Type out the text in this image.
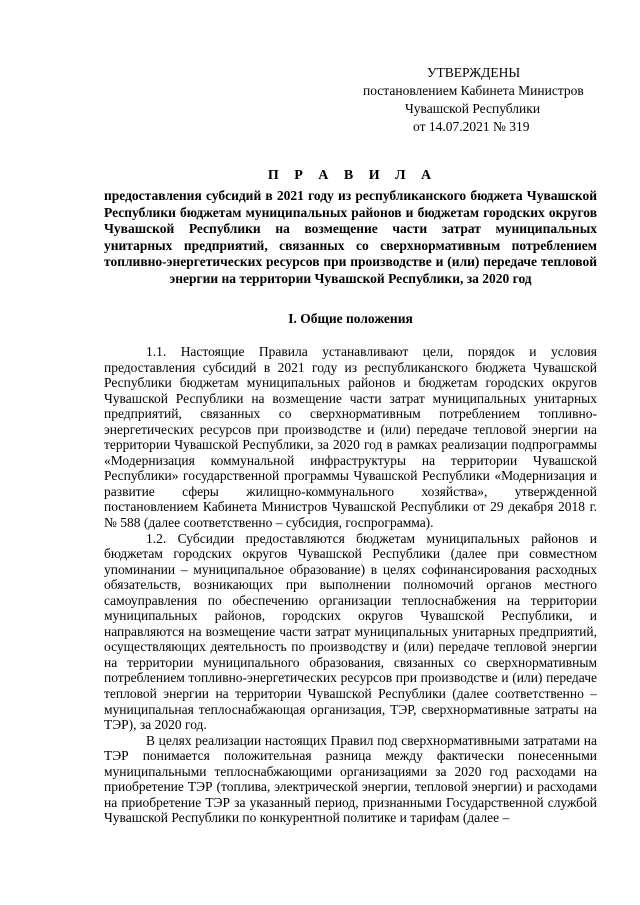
УТВЕРЖДЕНЫ
постановлением Кабинета Министров
Чувашской Республики
от 14.07.2021 № 319
П Р А В И Л А
предоставления субсидий в 2021 году из республиканского бюджета Чувашской Республики бюджетам муниципальных районов и бюджетам городских округов Чувашской Республики на возмещение части затрат муниципальных унитарных предприятий, связанных со сверхнормативным потреблением топливно-энергетических ресурсов при производстве и (или) передаче тепловой энергии на территории Чувашской Республики, за 2020 год
I. Общие положения

1.1. Настоящие Правила устанавливают цели, порядок и условия предоставления субсидий в 2021 году из республиканского бюджета Чувашской Республики бюджетам муниципальных районов и бюджетам городских округов Чувашской Республики на возмещение части затрат муниципальных унитарных предприятий, связанных со сверхнормативным потреблением топливно-энергетических ресурсов при производстве и (или) передаче тепловой энергии на территории Чувашской Республики, за 2020 год в рамках реализации подпрограммы «Модернизация коммунальной инфраструктуры на территории Чувашской Республики» государственной программы Чувашской Республики «Модернизация и развитие сферы жилищно-коммунального хозяйства», утвержденной постановлением Кабинета Министров Чувашской Республики от 29 декабря 2018 г. № 588 (далее соответственно – субсидия, госпрограмма).

1.2. Субсидии предоставляются бюджетам муниципальных районов и бюджетам городских округов Чувашской Республики (далее при совместном упоминании – муниципальное образование) в целях софинансирования расходных обязательств, возникающих при выполнении полномочий органов местного самоуправления по обеспечению организации теплоснабжения на территории муниципальных районов, городских округов Чувашской Республики, и направляются на возмещение части затрат муниципальных унитарных предприятий, осуществляющих деятельность по производству и (или) передаче тепловой энергии на территории муниципального образования, связанных со сверхнормативным потреблением топливно-энергетических ресурсов при производстве и (или) передаче тепловой энергии на территории Чувашской Республики (далее соответственно – муниципальная теплоснабжающая организация, ТЭР, сверхнормативные затраты на ТЭР), за 2020 год.

В целях реализации настоящих Правил под сверхнормативными затратами на ТЭР понимается положительная разница между фактически понесенными муниципальными теплоснабжающими организациями за 2020 год расходами на приобретение ТЭР (топлива, электрической энергии, тепловой энергии) и расходами на приобретение ТЭР за указанный период, признанными Государственной службой Чувашской Республики по конкурентной политике и тарифам (далее –
